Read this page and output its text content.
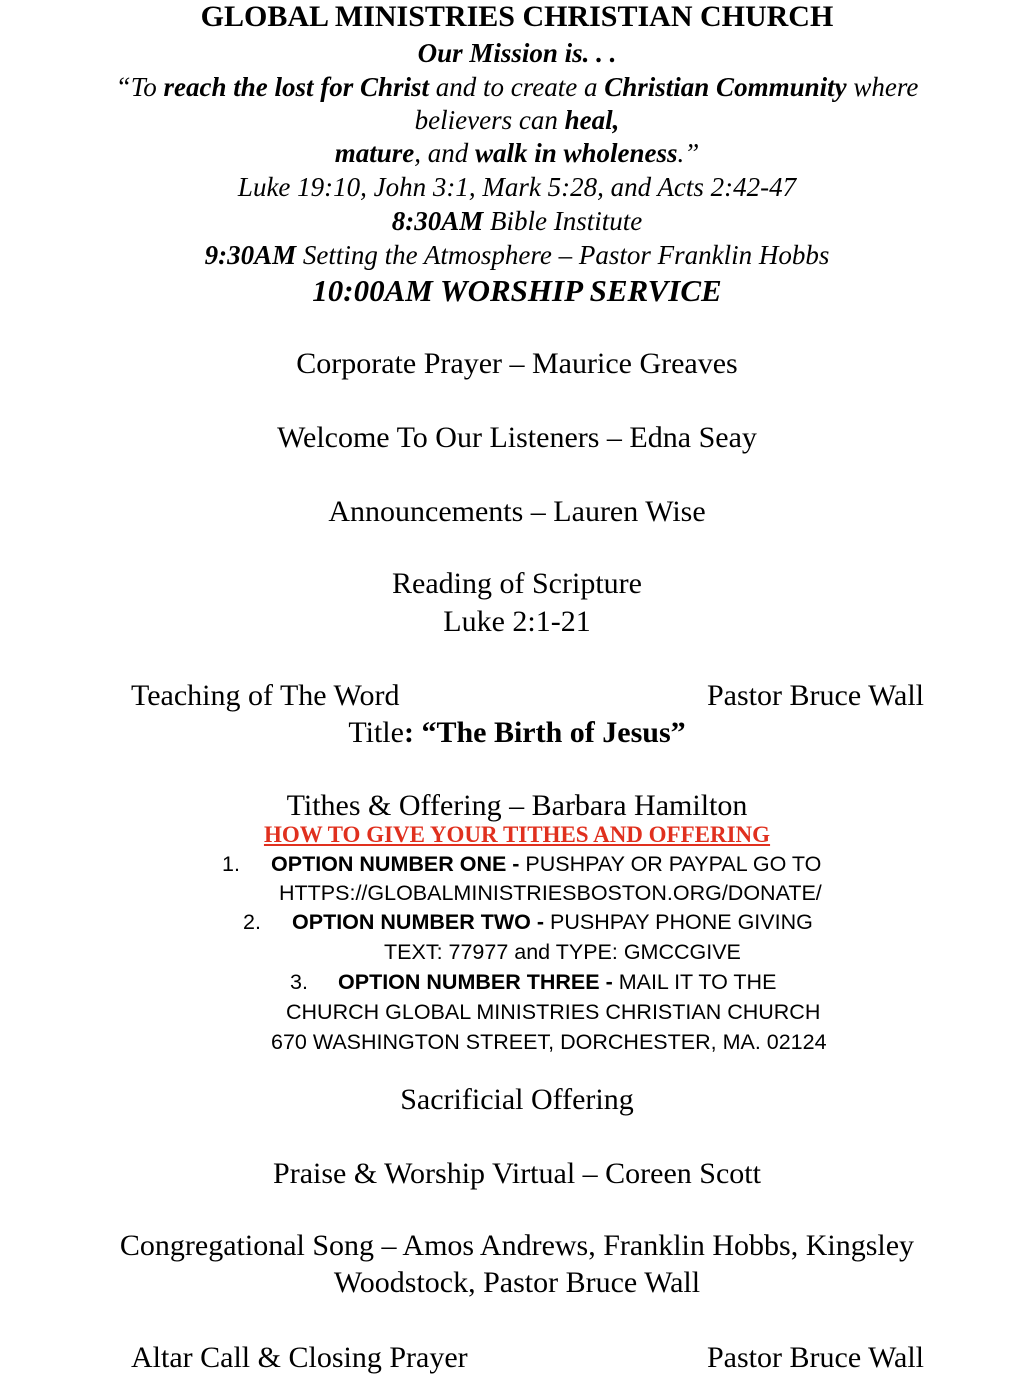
GLOBAL MINISTRIES CHRISTIAN CHURCH
Our Mission is. . .
“To reach the lost for Christ and to create a Christian Community where
believers can heal,
mature, and walk in wholeness.”
Luke 19:10, John 3:1, Mark 5:28, and Acts 2:42-47
8:30AM Bible Institute
9:30AM Setting the Atmosphere – Pastor Franklin Hobbs
10:00AM WORSHIP SERVICE
Corporate Prayer – Maurice Greaves
Welcome To Our Listeners – Edna Seay
Announcements – Lauren Wise
Reading of Scripture
Luke 2:1-21
Teaching of The Word	Pastor Bruce Wall
Title: “The Birth of Jesus”
Tithes & Offering – Barbara Hamilton
HOW TO GIVE YOUR TITHES AND OFFERING
1. OPTION NUMBER ONE - PUSHPAY OR PAYPAL GO TO
HTTPS://GLOBALMINISTRIESBOSTON.ORG/DONATE/
2. OPTION NUMBER TWO - PUSHPAY PHONE GIVING
TEXT: 77977 and TYPE: GMCCGIVE
3. OPTION NUMBER THREE - MAIL IT TO THE
CHURCH GLOBAL MINISTRIES CHRISTIAN CHURCH
670 WASHINGTON STREET, DORCHESTER, MA. 02124
Sacrificial Offering
Praise & Worship Virtual – Coreen Scott
Congregational Song – Amos Andrews, Franklin Hobbs, Kingsley
Woodstock, Pastor Bruce Wall
Altar Call & Closing Prayer	Pastor Bruce Wall
